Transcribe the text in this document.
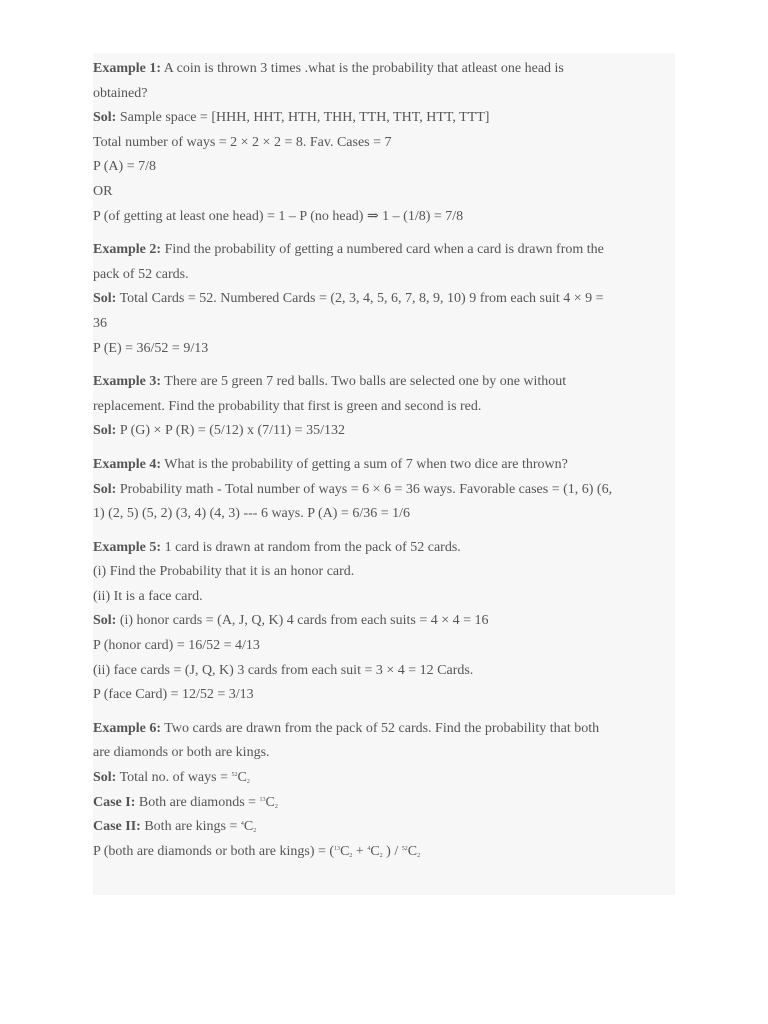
Example 1: A coin is thrown 3 times .what is the probability that atleast one head is
obtained?
Sol: Sample space = [HHH, HHT, HTH, THH, TTH, THT, HTT, TTT]
Total number of ways = 2 × 2 × 2 = 8. Fav. Cases = 7
P (A) = 7/8
OR
P (of getting at least one head) = 1 – P (no head) ⇒ 1 – (1/8) = 7/8
Example 2: Find the probability of getting a numbered card when a card is drawn from the
pack of 52 cards.
Sol: Total Cards = 52. Numbered Cards = (2, 3, 4, 5, 6, 7, 8, 9, 10) 9 from each suit 4 × 9 =
36
P (E) = 36/52 = 9/13
Example 3: There are 5 green 7 red balls. Two balls are selected one by one without
replacement. Find the probability that first is green and second is red.
Sol: P (G) × P (R) = (5/12) x (7/11) = 35/132
Example 4: What is the probability of getting a sum of 7 when two dice are thrown?
Sol: Probability math - Total number of ways = 6 × 6 = 36 ways. Favorable cases = (1, 6) (6,
1) (2, 5) (5, 2) (3, 4) (4, 3) --- 6 ways. P (A) = 6/36 = 1/6
Example 5: 1 card is drawn at random from the pack of 52 cards.
(i) Find the Probability that it is an honor card.
(ii) It is a face card.
Sol: (i) honor cards = (A, J, Q, K) 4 cards from each suits = 4 × 4 = 16
P (honor card) = 16/52 = 4/13
(ii) face cards = (J, Q, K) 3 cards from each suit = 3 × 4 = 12 Cards.
P (face Card) = 12/52 = 3/13
Example 6: Two cards are drawn from the pack of 52 cards. Find the probability that both
are diamonds or both are kings.
Sol: Total no. of ways = $^{52}C_2$
Case I: Both are diamonds = $^{13}C_2$
Case II: Both are kings = $^4C_2$
P (both are diamonds or both are kings) = ($^{13}C_2 + ^4C_2$ ) / $^{52}C_2$
